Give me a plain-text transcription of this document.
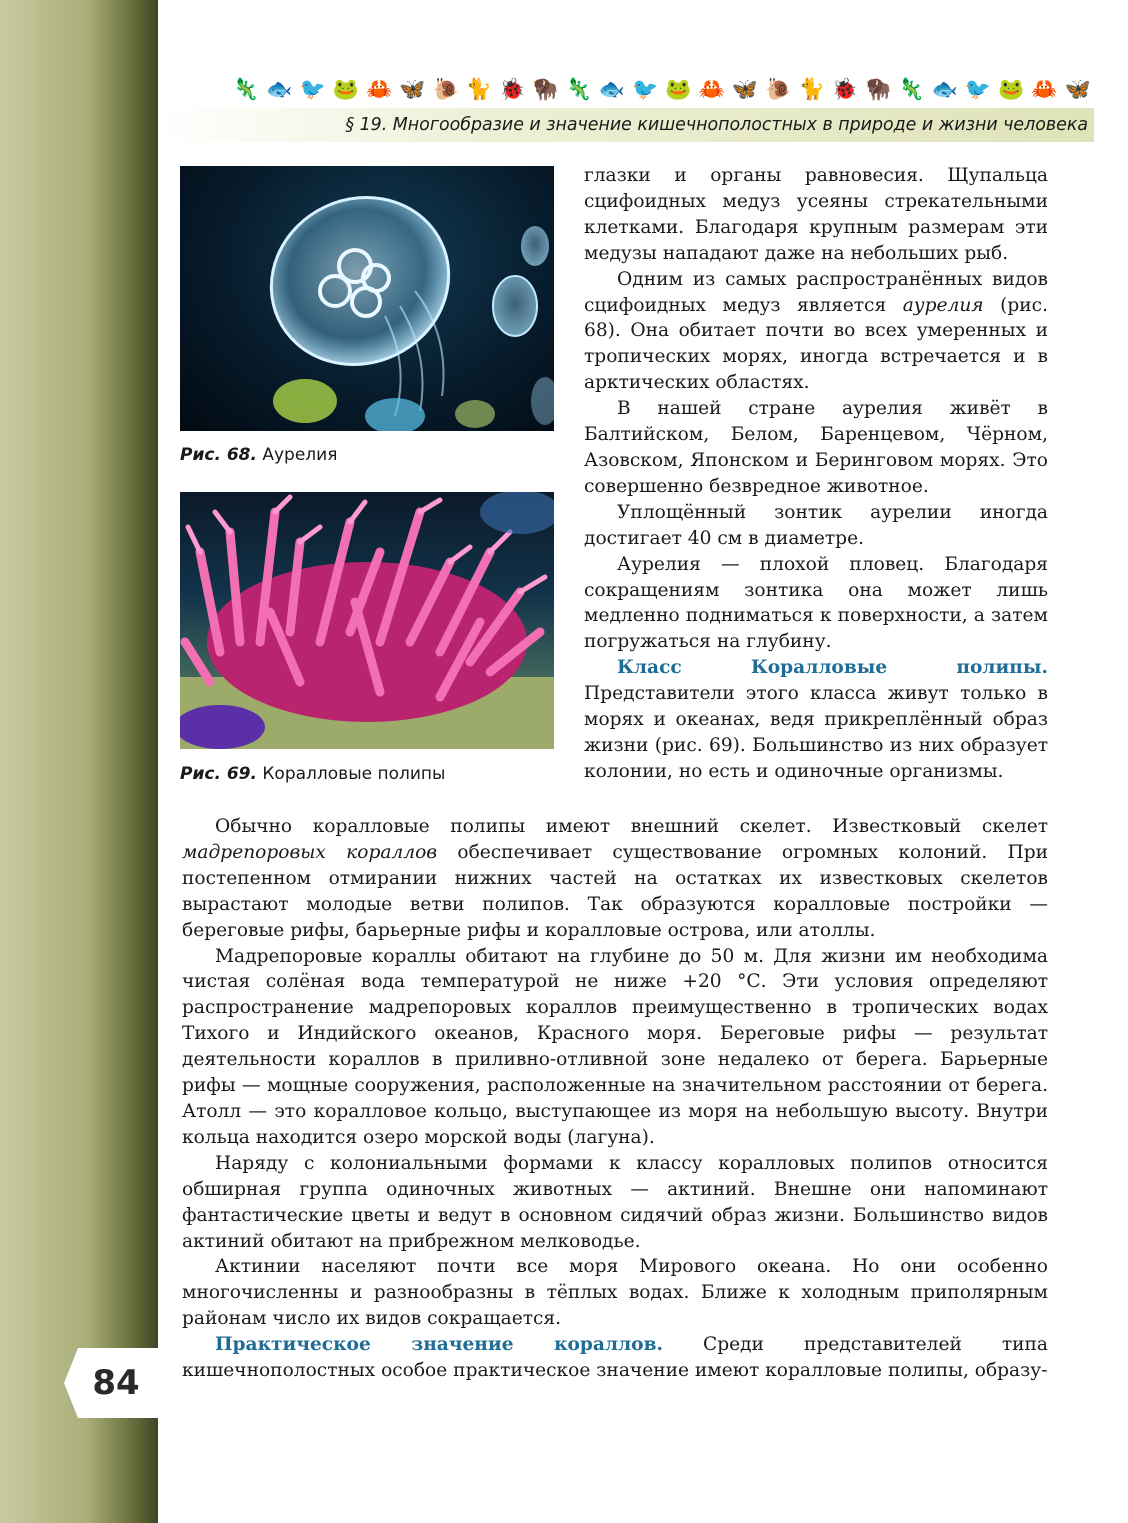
🦎 🐟 🐦 🐸 🦀 🦋 🐌 🐈 🐞 🦬 🦎 🐟 🐦 🐸 🦀 🦋 🐌 🐈 🐞 🦬 🦎 🐟 🐦 🐸 🦀 🦋
§ 19. Многообразие и значение кишечнополостных в природе и жизни человека
Рис. 68. Аурелия
Рис. 69. Коралловые полипы

глазки и органы равновесия. Щупальца сцифоидных медуз усеяны стрекательными клетками. Благодаря крупным размерам эти медузы нападают даже на небольших рыб.

Одним из самых распространённых видов сцифоидных медуз является аурелия (рис. 68). Она обитает почти во всех умеренных и тропических морях, иногда встречается и в арктических областях.

В нашей стране аурелия живёт в Балтийском, Белом, Баренцевом, Чёрном, Азовском, Японском и Беринговом морях. Это совершенно безвредное животное.

Уплощённый зонтик аурелии иногда достигает 40 см в диаметре.

Аурелия — плохой пловец. Благодаря сокращениям зонтика она может лишь медленно подниматься к поверхности, а затем погружаться на глубину.

Класс Коралловые полипы. Представители этого класса живут только в морях и океанах, ведя прикреплённый образ жизни (рис. 69). Большинство из них образует колонии, но есть и одиночные организмы.

Обычно коралловые полипы имеют внешний скелет. Известковый скелет мадрепоровых кораллов обеспечивает существование огромных колоний. При постепенном отмирании нижних частей на остатках их известковых скелетов вырастают молодые ветви полипов. Так образуются коралловые постройки — береговые рифы, барьерные рифы и коралловые острова, или атоллы.

Мадрепоровые кораллы обитают на глубине до 50 м. Для жизни им необходима чистая солёная вода температурой не ниже +20 °С. Эти условия определяют распространение мадрепоровых кораллов преимущественно в тропических водах Тихого и Индийского океанов, Красного моря. Береговые рифы — результат деятельности кораллов в приливно-отливной зоне недалеко от берега. Барьерные рифы — мощные сооружения, расположенные на значительном расстоянии от берега. Атолл — это коралловое кольцо, выступающее из моря на небольшую высоту. Внутри кольца находится озеро морской воды (лагуна).

Наряду с колониальными формами к классу коралловых полипов относится обширная группа одиночных животных — актиний. Внешне они напоминают фантастические цветы и ведут в основном сидячий образ жизни. Большинство видов актиний обитают на прибрежном мелководье.

Актинии населяют почти все моря Мирового океана. Но они особенно многочисленны и разнообразны в тёплых водах. Ближе к холодным приполярным районам число их видов сокращается.

Практическое значение кораллов. Среди представителей типа кишечнополостных особое практическое значение имеют коралловые полипы, образу-

84
